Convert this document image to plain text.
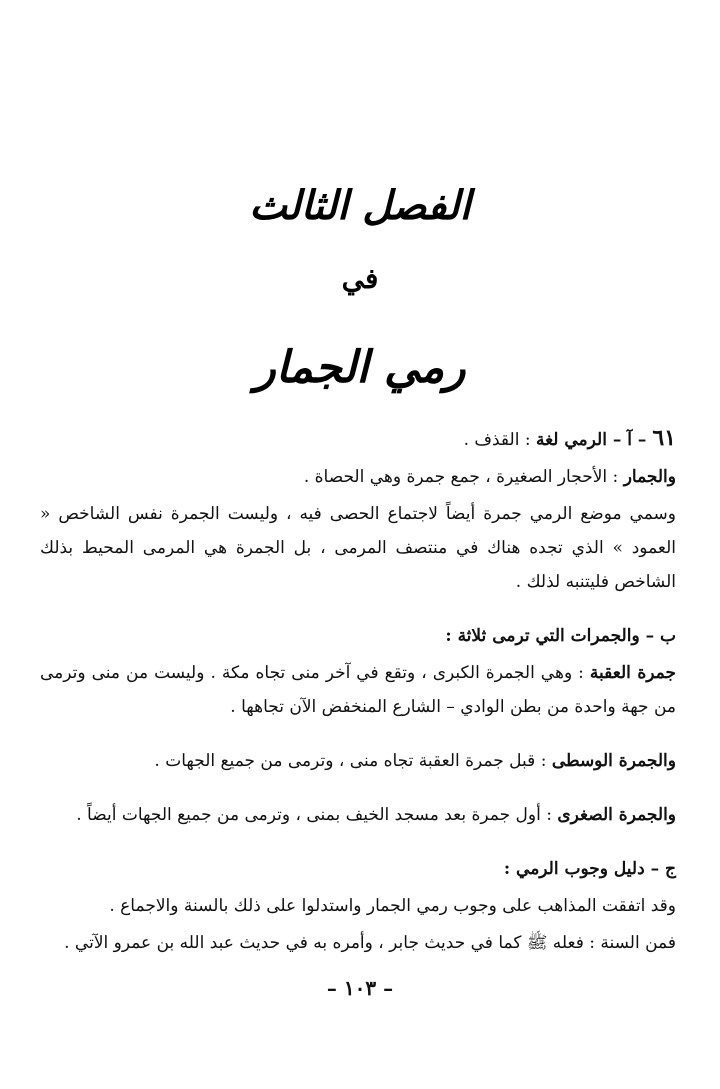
الفصل الثالث
في
رمي الجمار

٦١ – آ – الرمي لغة : القذف .

والجمار : الأحجار الصغيرة ، جمع جمرة وهي الحصاة .

وسمي موضع الرمي جمرة أيضاً لاجتماع الحصى فيه ، وليست الجمرة نفس الشاخص « العمود » الذي تجده هناك في منتصف المرمى ، بل الجمرة هي المرمى المحيط بذلك الشاخص فليتنبه لذلك .

ب – والجمرات التي ترمى ثلاثة :

جمرة العقبة : وهي الجمرة الكبرى ، وتقع في آخر منى تجاه مكة . وليست من منى وترمى من جهة واحدة من بطن الوادي – الشارع المنخفض الآن تجاهها .

والجمرة الوسطى : قبل جمرة العقبة تجاه منى ، وترمى من جميع الجهات .

والجمرة الصغرى : أول جمرة بعد مسجد الخيف بمنى ، وترمى من جميع الجهات أيضاً .

ج – دليل وجوب الرمي :

وقد اتفقت المذاهب على وجوب رمي الجمار واستدلوا على ذلك بالسنة والاجماع .

فمن السنة : فعله ﷺ كما في حديث جابر ، وأمره به في حديث عبد الله بن عمرو الآتي .

– ١٠٣ –
